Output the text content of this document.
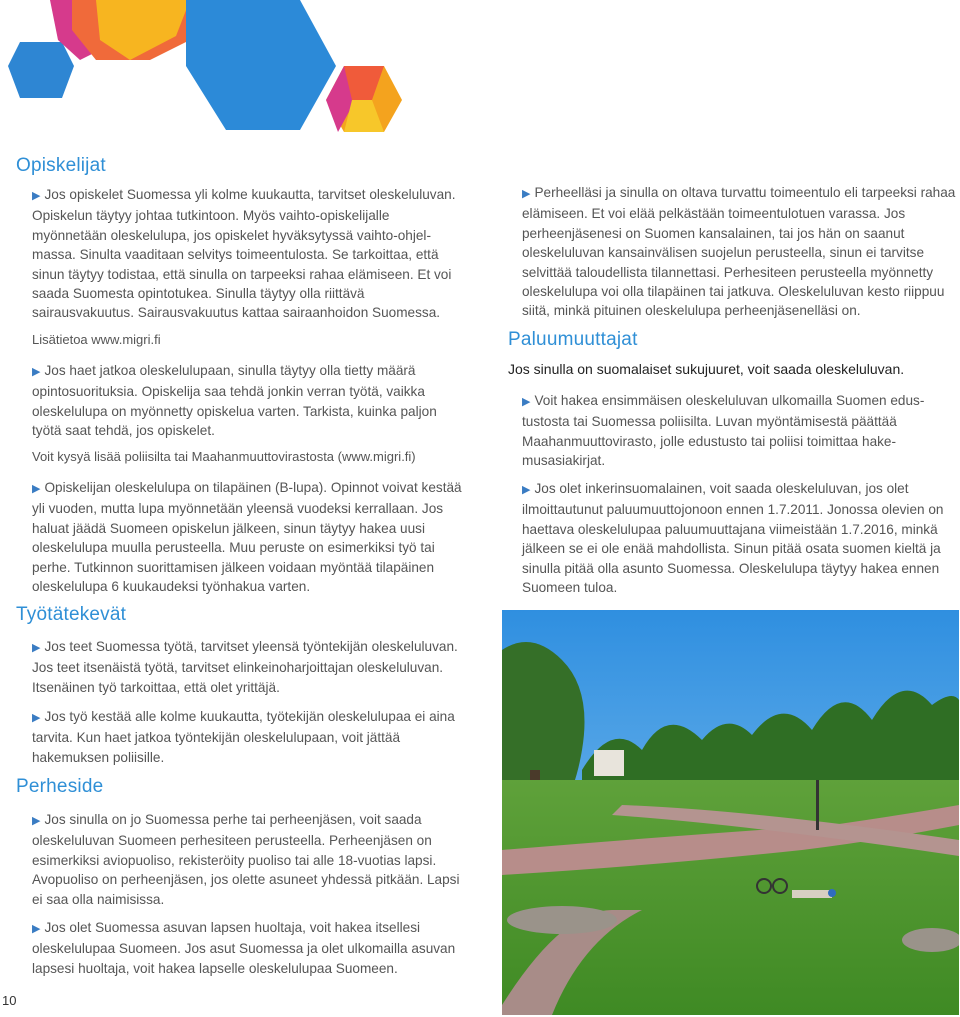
Opiskelijat

▶ Jos opiskelet Suomessa yli kolme kuukautta, tarvitset oleskeluluvan. Opiskelun täytyy johtaa tutkintoon. Myös vaihto-opiskelijalle myönnetään oleskelulupa, jos opiskelet hyväksytyssä vaihto-ohjelmassa. Sinulta vaaditaan selvitys toimeentulosta. Se tarkoittaa, että sinun täytyy todistaa, että sinulla on tarpeeksi rahaa elämiseen. Et voi saada Suomesta opintotukea. Sinulla täytyy olla riittävä sairausvakuutus. Sairausvakuutus kattaa sairaanhoidon Suomessa.

Lisätietoa www.migri.fi

▶ Jos haet jatkoa oleskelulupaan, sinulla täytyy olla tietty määrä opintosuorituksia. Opiskelija saa tehdä jonkin verran työtä, vaikka oleskelulupa on myönnetty opiskelua varten. Tarkista, kuinka paljon työtä saat tehdä, jos opiskelet.

Voit kysyä lisää poliisilta tai Maahanmuuttovirastosta (www.migri.fi)

▶ Opiskelijan oleskelulupa on tilapäinen (B-lupa). Opinnot voivat kestää yli vuoden, mutta lupa myönnetään yleensä vuodeksi kerrallaan. Jos haluat jäädä Suomeen opiskelun jälkeen, sinun täytyy hakea uusi oleskelulupa muulla perusteella. Muu peruste on esimerkiksi työ tai perhe. Tutkinnon suorittamisen jälkeen voidaan myöntää tilapäinen oleskelulupa 6 kuukaudeksi työnhakua varten.

Työtätekevät

▶ Jos teet Suomessa työtä, tarvitset yleensä työntekijän oleskeluluvan. Jos teet itsenäistä työtä, tarvitset elinkeinoharjoittajan oleskeluluvan. Itsenäinen työ tarkoittaa, että olet yrittäjä.

▶ Jos työ kestää alle kolme kuukautta, työtekijän oleskelulupaa ei aina tarvita. Kun haet jatkoa työntekijän oleskelulupaan, voit jättää hakemuksen poliisille.

Perheside

▶ Jos sinulla on jo Suomessa perhe tai perheenjäsen, voit saada oleskeluluvan Suomeen perhesiteen perusteella. Perheenjäsen on esimerkiksi aviopuoliso, rekisteröity puoliso tai alle 18-vuotias lapsi. Avopuoliso on perheenjäsen, jos olette asuneet yhdessä pitkään. Lapsi ei saa olla naimisissa.

▶ Jos olet Suomessa asuvan lapsen huoltaja, voit hakea itsellesi oleskelulupaa Suomeen. Jos asut Suomessa ja olet ulkomailla asuvan lapsesi huoltaja, voit hakea lapselle oleskelulupaa Suomeen.

10

▶ Perheelläsi ja sinulla on oltava turvattu toimeentulo eli tarpeeksi rahaa elämiseen. Et voi elää pelkästään toimeentulotuen varassa. Jos perheenjäsenesi on Suomen kansalainen, tai jos hän on saanut oleskeluluvan kansainvälisen suojelun perusteella, sinun ei tarvitse selvittää taloudellista tilannettasi. Perhesiteen perusteella myönnetty oleskelulupa voi olla tilapäinen tai jatkuva. Oleskeluluvan kesto riippuu siitä, minkä pituinen oleskelulupa perheenjäsenelläsi on.

Paluumuuttajat

Jos sinulla on suomalaiset sukujuuret, voit saada oleskeluluvan.

▶ Voit hakea ensimmäisen oleskeluluvan ulkomailla Suomen edustustosta tai Suomessa poliisilta. Luvan myöntämisestä päättää Maahanmuuttovirasto, jolle edustusto tai poliisi toimittaa hakemusasiakirjat.

▶ Jos olet inkerinsuomalainen, voit saada oleskeluluvan, jos olet ilmoittautunut paluumuuttojonoon ennen 1.7.2011. Jonossa olevien on haettava oleskelulupaa paluumuuttajana viimeistään 1.7.2016, minkä jälkeen se ei ole enää mahdollista. Sinun pitää osata suomen kieltä ja sinulla pitää olla asunto Suomessa. Oleskelulupa täytyy hakea ennen Suomeen tuloa.
